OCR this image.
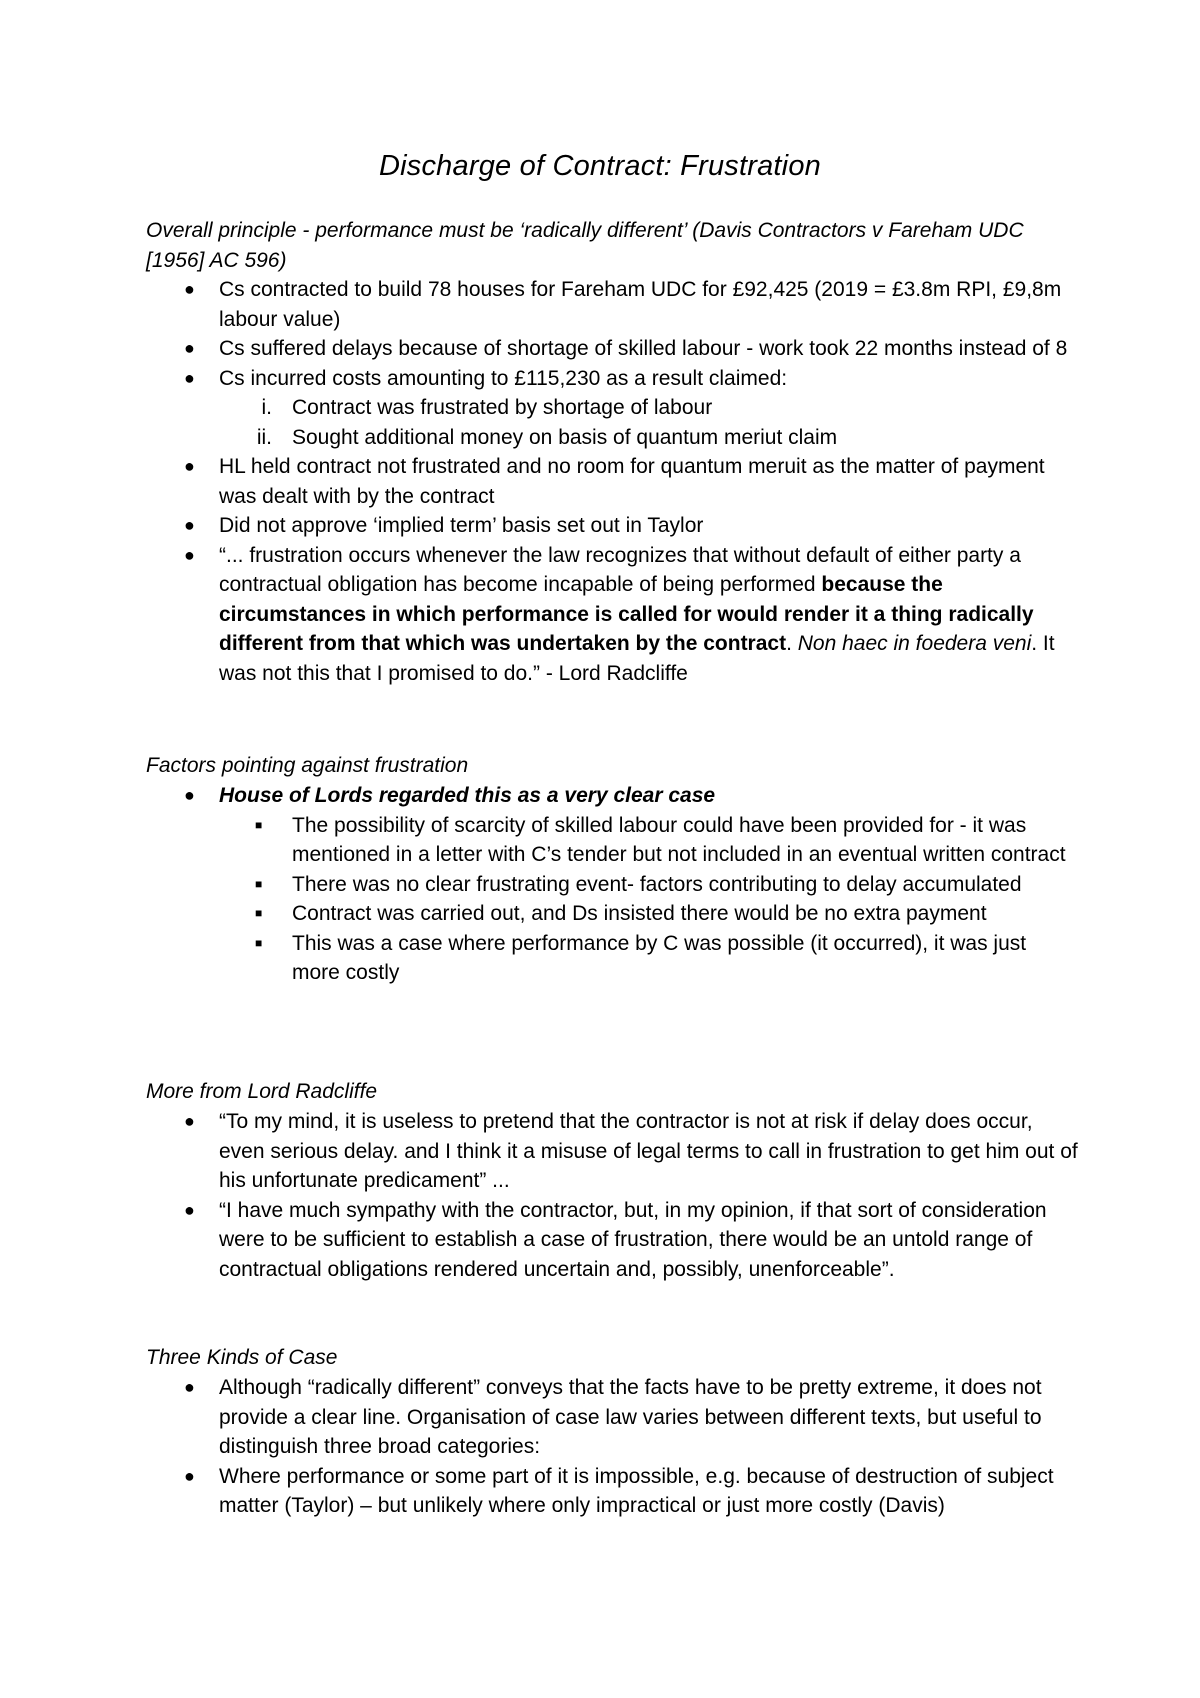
Discharge of Contract: Frustration
Overall principle - performance must be ‘radically different’ (Davis Contractors v Fareham UDC [1956] AC 596)
● Cs contracted to build 78 houses for Fareham UDC for £92,425 (2019 = £3.8m RPI, £9,8m labour value)
● Cs suffered delays because of shortage of skilled labour - work took 22 months instead of 8
● Cs incurred costs amounting to £115,230 as a result claimed:
i. Contract was frustrated by shortage of labour
ii. Sought additional money on basis of quantum meriut claim
● HL held contract not frustrated and no room for quantum meruit as the matter of payment was dealt with by the contract
● Did not approve ‘implied term’ basis set out in Taylor
● “... frustration occurs whenever the law recognizes that without default of either party a contractual obligation has become incapable of being performed because the circumstances in which performance is called for would render it a thing radically different from that which was undertaken by the contract. Non haec in foedera veni. It was not this that I promised to do.” - Lord Radcliffe
Factors pointing against frustration
● House of Lords regarded this as a very clear case
■ The possibility of scarcity of skilled labour could have been provided for - it was mentioned in a letter with C’s tender but not included in an eventual written contract
■ There was no clear frustrating event- factors contributing to delay accumulated
■ Contract was carried out, and Ds insisted there would be no extra payment
■ This was a case where performance by C was possible (it occurred), it was just more costly
More from Lord Radcliffe
● “To my mind, it is useless to pretend that the contractor is not at risk if delay does occur, even serious delay. and I think it a misuse of legal terms to call in frustration to get him out of his unfortunate predicament” ...
● “I have much sympathy with the contractor, but, in my opinion, if that sort of consideration were to be sufficient to establish a case of frustration, there would be an untold range of contractual obligations rendered uncertain and, possibly, unenforceable”.
Three Kinds of Case
● Although “radically different” conveys that the facts have to be pretty extreme, it does not provide a clear line. Organisation of case law varies between different texts, but useful to distinguish three broad categories:
● Where performance or some part of it is impossible, e.g. because of destruction of subject matter (Taylor) – but unlikely where only impractical or just more costly (Davis)
